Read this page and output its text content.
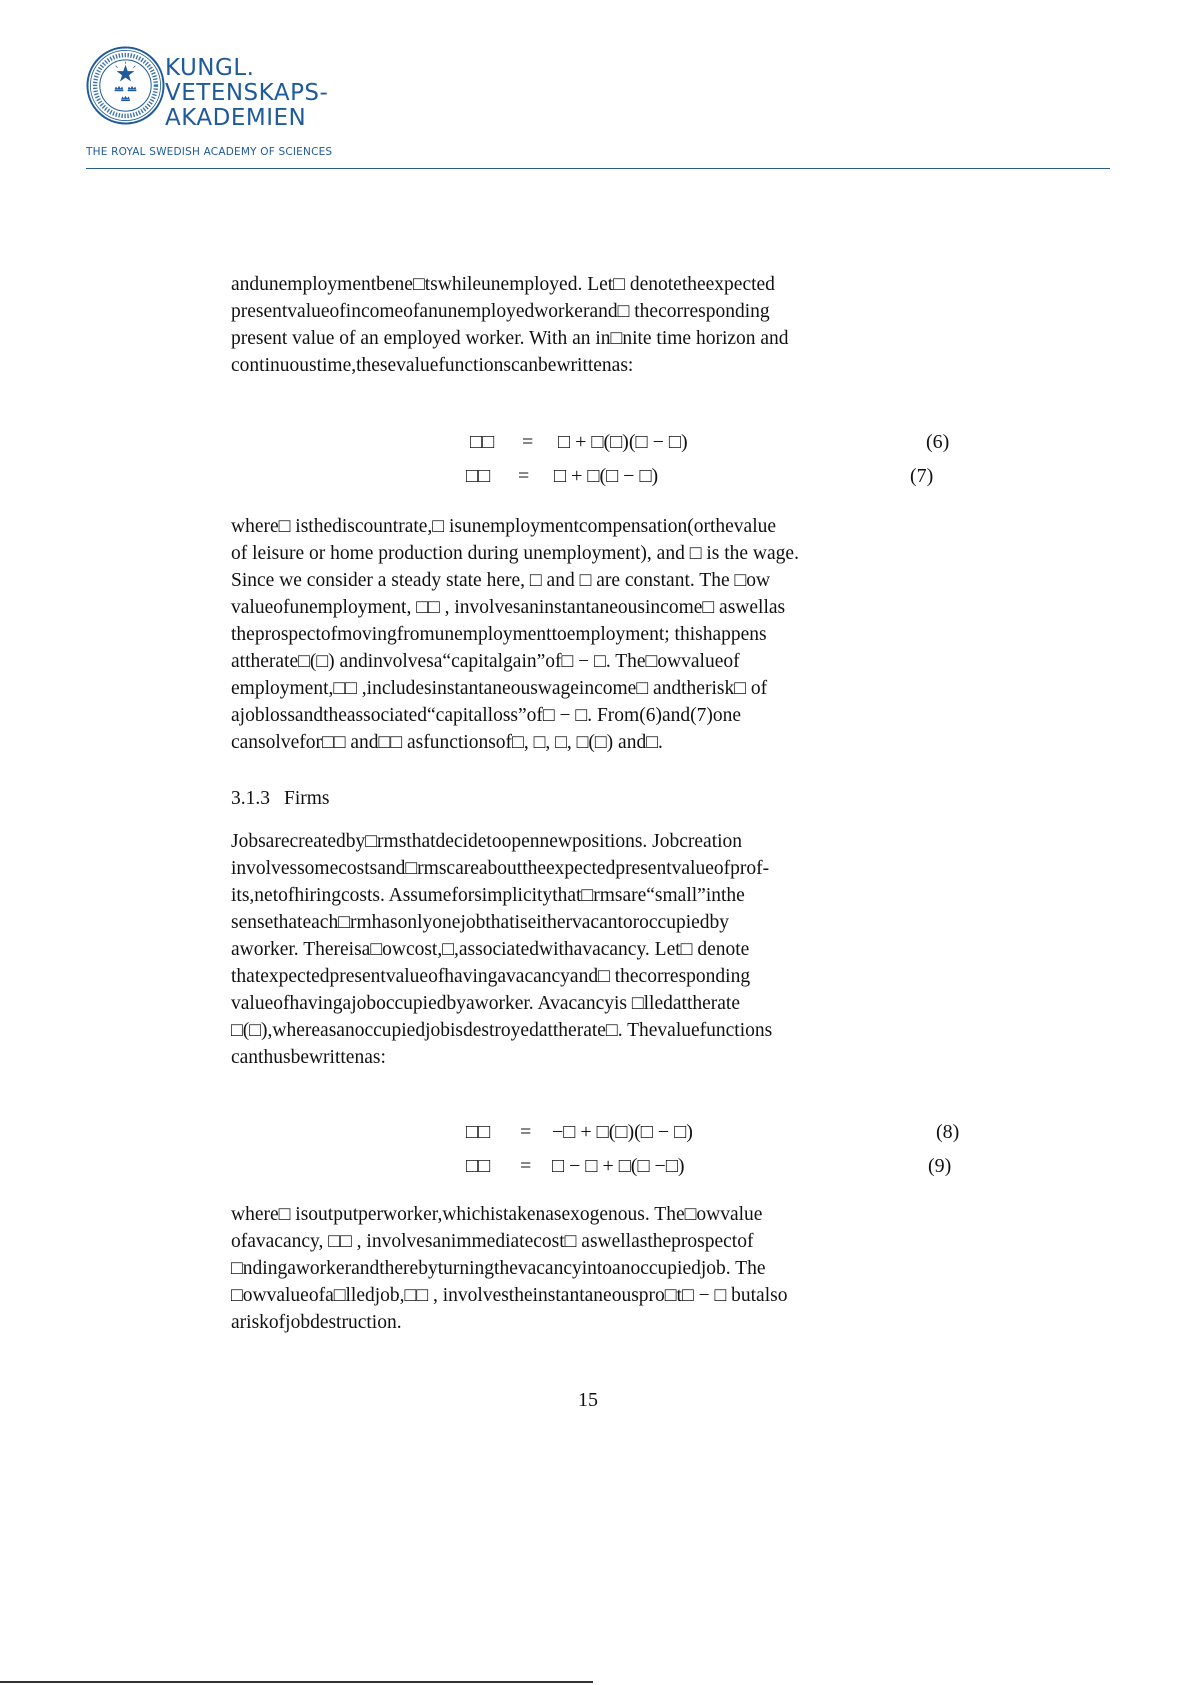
KUNGL.
VETENSKAPS-
AKADEMIEN
THE ROYAL SWEDISH ACADEMY OF SCIENCES

andunemploymentbene□tswhileunemployed. Let□ denotetheexpected

presentvalueofincomeofanunemployedworkerand□ thecorresponding

present value of an employed worker. With an in□nite time horizon and

continuoustime,thesevaluefunctionscanbewrittenas:

□□ = □ + □(□)(□ − □)	(6)
□□ = □ + □(□ − □)	(7)

where□ isthediscountrate,□ isunemploymentcompensation(orthevalue

of leisure or home production during unemployment), and □ is the wage.

Since we consider a steady state here, □ and □ are constant. The □ow

valueofunemployment, □□ , involvesaninstantaneousincome□ aswellas

theprospectofmovingfromunemploymenttoemployment; thishappens

attherate□(□) andinvolvesa“capitalgain”of□ − □. The□owvalueof

employment,□□ ,includesinstantaneouswageincome□ andtherisk□ of

ajoblossandtheassociated“capitalloss”of□ − □. From(6)and(7)one

cansolvefor□□ and□□ asfunctionsof□, □, □, □(□) and□.

3.1.3 Firms

Jobsarecreatedby□rmsthatdecidetoopennewpositions. Jobcreation

involvessomecostsand□rmscareabouttheexpectedpresentvalueofprof-

its,netofhiringcosts. Assumeforsimplicitythat□rmsare“small”inthe

sensethateach□rmhasonlyonejobthatiseithervacantoroccupiedby

aworker. Thereisa□owcost,□,associatedwithavacancy. Let□ denote

thatexpectedpresentvalueofhavingavacancyand□ thecorresponding

valueofhavingajoboccupiedbyaworker. Avacancyis □lledattherate

□(□),whereasanoccupiedjobisdestroyedattherate□. Thevaluefunctions

canthusbewrittenas:

□□ = −□ + □(□)(□ − □)	(8)
□□ = □ − □ + □(□ −□)	(9)

where□ isoutputperworker,whichistakenasexogenous. The□owvalue

ofavacancy, □□ , involvesanimmediatecost□ aswellastheprospectof

□ndingaworkerandtherebyturningthevacancyintoanoccupiedjob. The

□owvalueofa□lledjob,□□ , involvestheinstantaneouspro□t□ − □ butalso

ariskofjobdestruction.

15
